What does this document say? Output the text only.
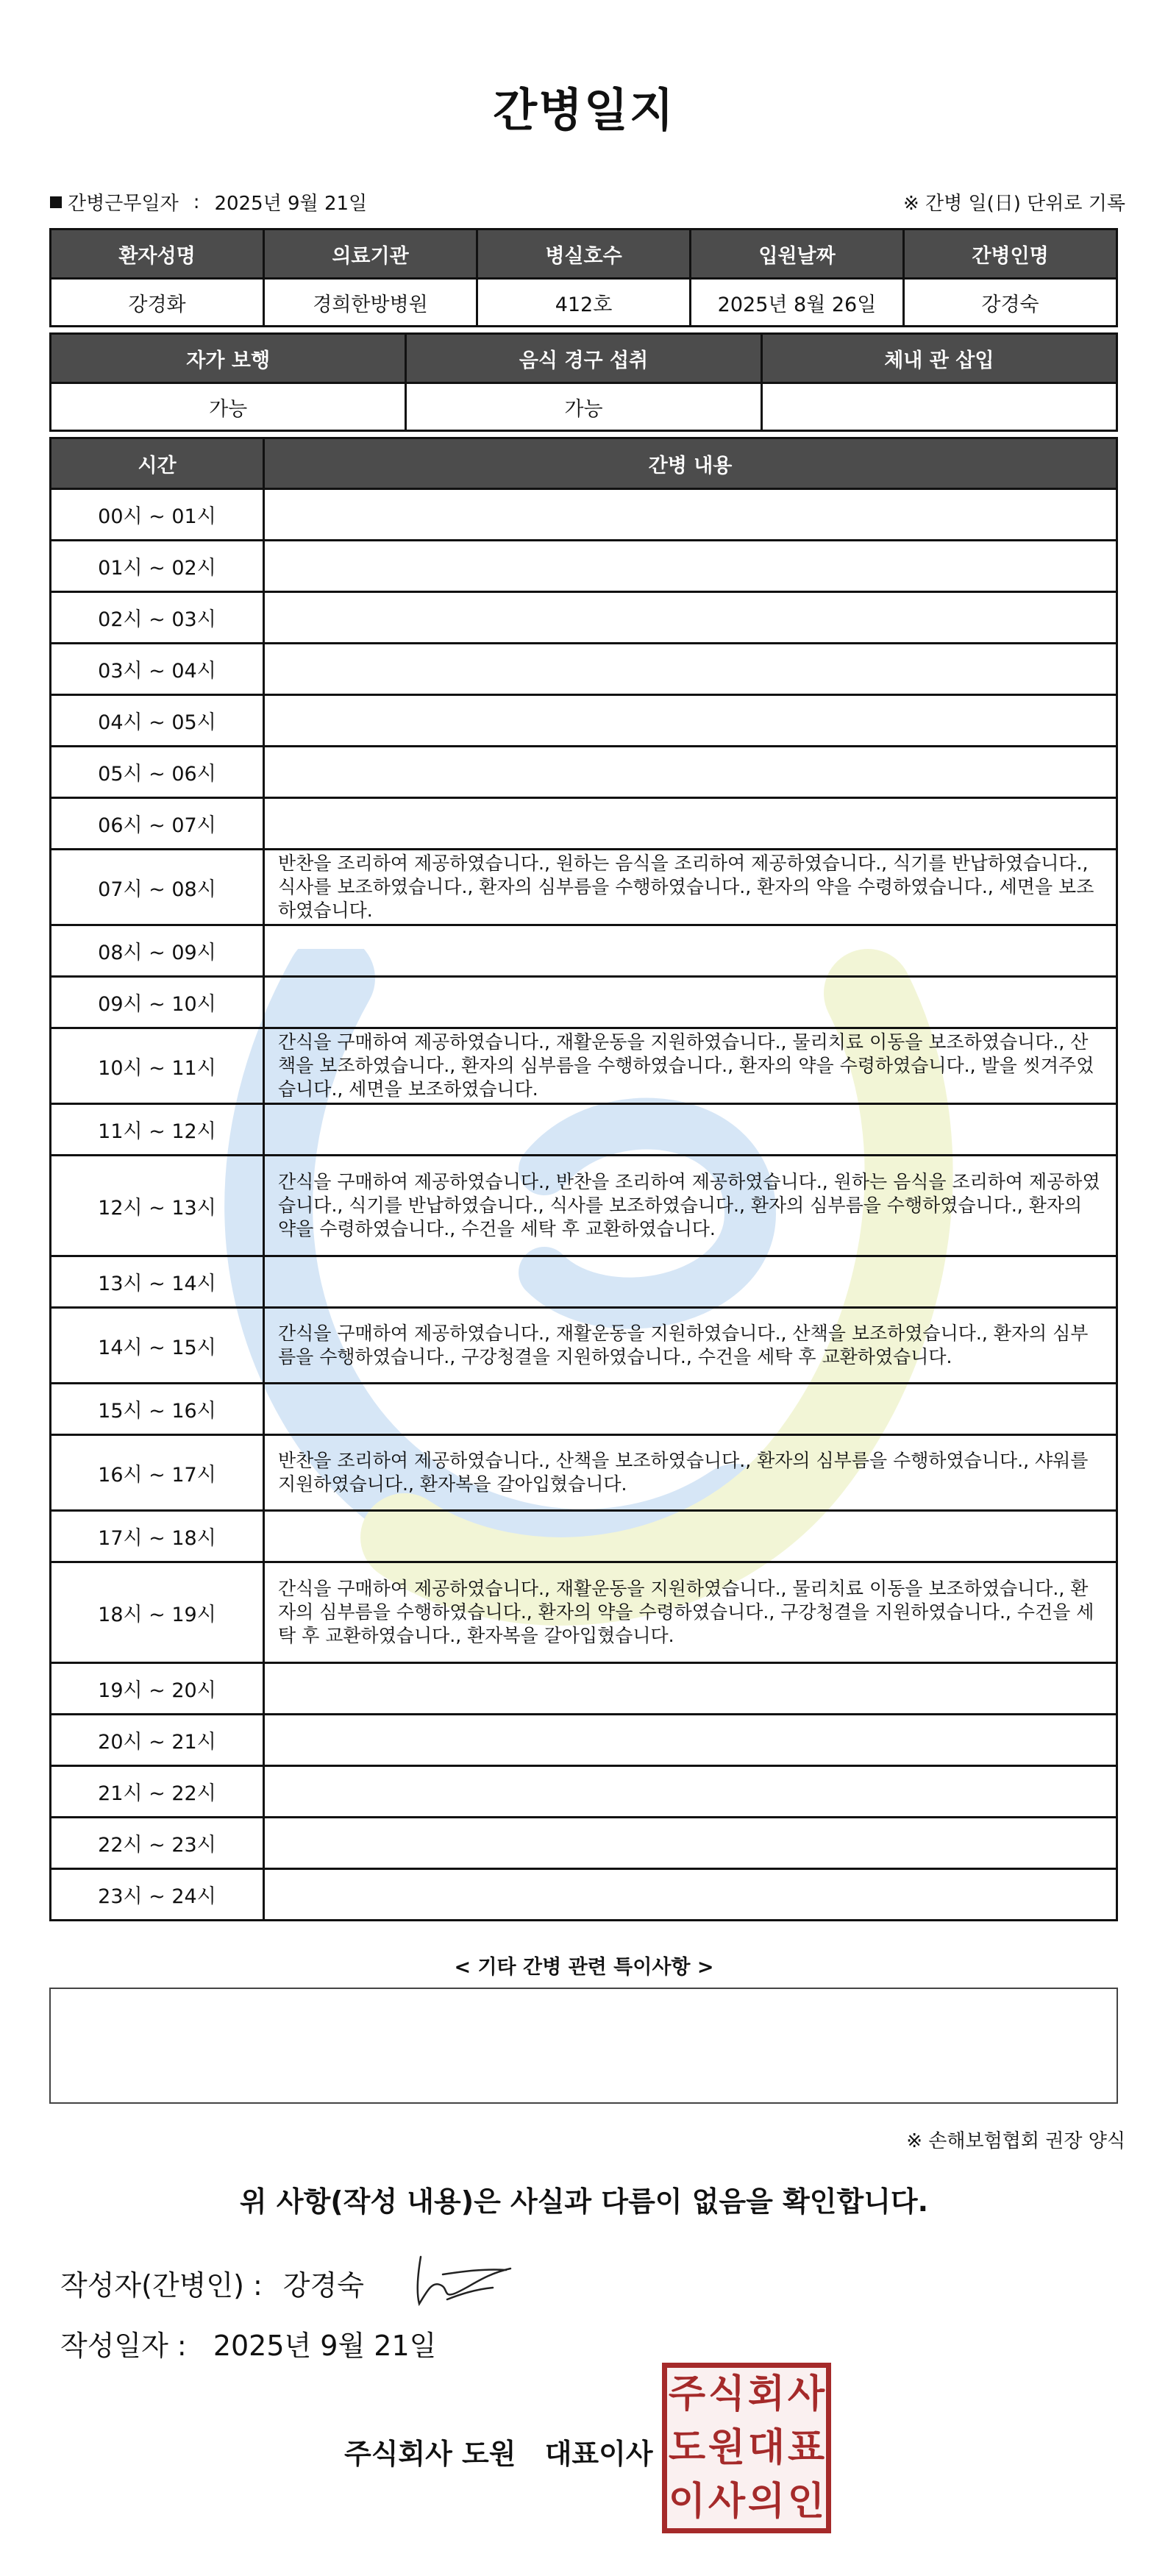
간병일지
간병근무일자 : 2025년 9월 21일	※ 간병 일(日) 단위로 기록
환자성명	의료기관	병실호수	입원날짜	간병인명
강경화	경희한방병원	412호	2025년 8월 26일	강경숙
자가 보행	음식 경구 섭취	체내 관 삽입
가능	가능	
시간	간병 내용
00시 ~ 01시	
01시 ~ 02시	
02시 ~ 03시	
03시 ~ 04시	
04시 ~ 05시	
05시 ~ 06시	
06시 ~ 07시	
07시 ~ 08시	반찬을 조리하여 제공하였습니다., 원하는 음식을 조리하여 제공하였습니다., 식기를 반납하였습니다., 식사를 보조하였습니다., 환자의 심부름을 수행하였습니다., 환자의 약을 수령하였습니다., 세면을 보조하였습니다.
08시 ~ 09시	
09시 ~ 10시	
10시 ~ 11시	간식을 구매하여 제공하였습니다., 재활운동을 지원하였습니다., 물리치료 이동을 보조하였습니다., 산책을 보조하였습니다., 환자의 심부름을 수행하였습니다., 환자의 약을 수령하였습니다., 발을 씻겨주었습니다., 세면을 보조하였습니다.
11시 ~ 12시	
12시 ~ 13시	간식을 구매하여 제공하였습니다., 반찬을 조리하여 제공하였습니다., 원하는 음식을 조리하여 제공하였습니다., 식기를 반납하였습니다., 식사를 보조하였습니다., 환자의 심부름을 수행하였습니다., 환자의 약을 수령하였습니다., 수건을 세탁 후 교환하였습니다.
13시 ~ 14시	
14시 ~ 15시	간식을 구매하여 제공하였습니다., 재활운동을 지원하였습니다., 산책을 보조하였습니다., 환자의 심부름을 수행하였습니다., 구강청결을 지원하였습니다., 수건을 세탁 후 교환하였습니다.
15시 ~ 16시	
16시 ~ 17시	반찬을 조리하여 제공하였습니다., 산책을 보조하였습니다., 환자의 심부름을 수행하였습니다., 샤워를 지원하였습니다., 환자복을 갈아입혔습니다.
17시 ~ 18시	
18시 ~ 19시	간식을 구매하여 제공하였습니다., 재활운동을 지원하였습니다., 물리치료 이동을 보조하였습니다., 환자의 심부름을 수행하였습니다., 환자의 약을 수령하였습니다., 구강청결을 지원하였습니다., 수건을 세탁 후 교환하였습니다., 환자복을 갈아입혔습니다.
19시 ~ 20시	
20시 ~ 21시	
21시 ~ 22시	
22시 ~ 23시	
23시 ~ 24시	
< 기타 간병 관련 특이사항 >
※ 손해보험협회 권장 양식
위 사항(작성 내용)은 사실과 다름이 없음을 확인합니다.
작성자(간병인) : 강경숙
작성일자 : 2025년 9월 21일
주식회사 도원 대표이사
주 식 회 사
도 원 대 표
이 사 의 인
